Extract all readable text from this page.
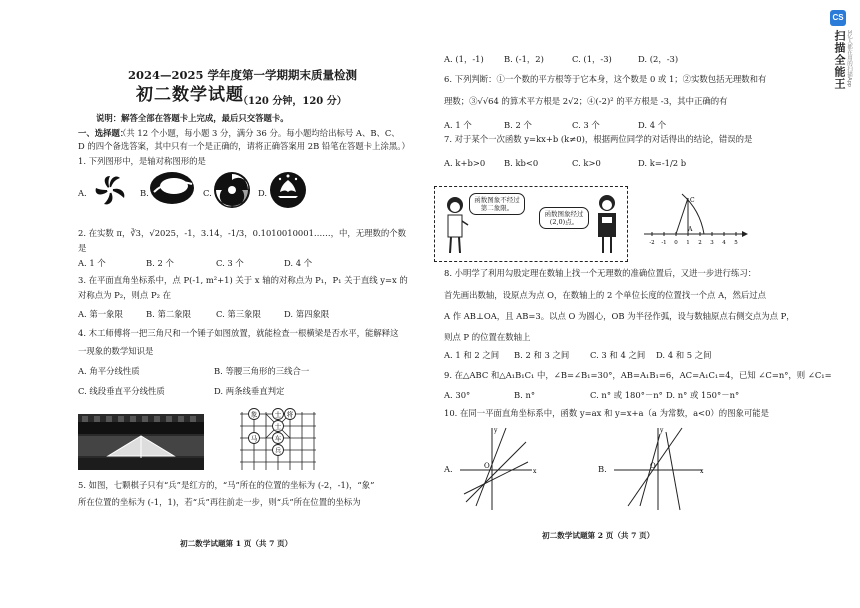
2024—2025 学年度第一学期期末质量检测
初二数学试题
（120 分钟，120 分）
说明：解答全部在答题卡上完成，最后只交答题卡。
一、选择题：
（共 12 个小题，每小题 3 分，满分 36 分。每小题均给出标号 A、B、C、
D 的四个备选答案，其中只有一个是正确的，请将正确答案用 2B 铅笔在答题卡上涂黑。）
1. 下列图形中，是轴对称图形的是
A.	B.	C.	D.
2. 在实数 π，∛3，√2025，-1，3.14，-1/3，0.1010010001……，中，无理数的个数
是
A. 1 个	B. 2 个	C. 3 个	D. 4 个
3. 在平面直角坐标系中，点 P(-1, m²+1) 关于 x 轴的对称点为 P₁，P₁ 关于直线 y=x 的
对称点为 P₂，则点 P₂ 在
A. 第一象限	B. 第二象限	C. 第三象限	D. 第四象限
4. 木工师傅将一把三角尺和一个锤子如图放置，就能检查一根横梁是否水平，能解释这
一现象的数学知识是
A. 角平分线性质	B. 等腰三角形的三线合一
C. 线段垂直平分线性质	D. 两条线垂直判定
象	士 将
士
马	车
兵
5. 如图，七颗棋子只有“兵”是红方的，“马”所在的位置的坐标为 (-2，-1)，“象”
所在位置的坐标为 (-1，1)，若“兵”再往前走一步，则“兵”所在位置的坐标为
初二数学试题第 1 页（共 7 页）
A. (1，-1) B. (-1，2)	C. (1，-3)	D. (2，-3)
6. 下列判断：①一个数的平方根等于它本身，这个数是 0 或 1；②实数包括无理数和有
理数；③√√64 的算术平方根是 2√2；④(-2)² 的平方根是 -3，其中正确的有
A. 1 个	B. 2 个	C. 3 个	D. 4 个
7. 对于某个一次函数 y=kx+b (k≠0)，根据两位同学的对话得出的结论，错误的是
A. k+b>0 B. kb<0	C. k>0	D. k=-1/2 b
函数图象不经过第二象限。
函数图象经过(2,0)点。
C
A
-2 -1 0 1 2 3 4 5
8. 小明学了利用勾股定理在数轴上找一个无理数的准确位置后，又进一步进行练习：
首先画出数轴，设原点为点 O，在数轴上的 2 个单位长度的位置找一个点 A，然后过点
A 作 AB⊥OA，且 AB=3。以点 O 为圆心，OB 为半径作弧，设与数轴原点右侧交点为点 P，
则点 P 的位置在数轴上
A. 1 和 2 之间 B. 2 和 3 之间 C. 3 和 4 之间 D. 4 和 5 之间
9. 在△ABC 和△A₁B₁C₁ 中，∠B=∠B₁=30°，AB=A₁B₁=6，AC=A₁C₁=4，已知 ∠C=n°，则 ∠C₁=
A. 30°	B. n°	C. n° 或 180°－n° D. n° 或 150°－n°
10. 在同一平面直角坐标系中，函数 y=ax 和 y=x+a（a 为常数，a<0）的图象可能是
A.	x
y
O	B.	x
y
O
初二数学试题第 2 页（共 7 页）
CS
扫描全能王 3亿人都在用的扫描App
